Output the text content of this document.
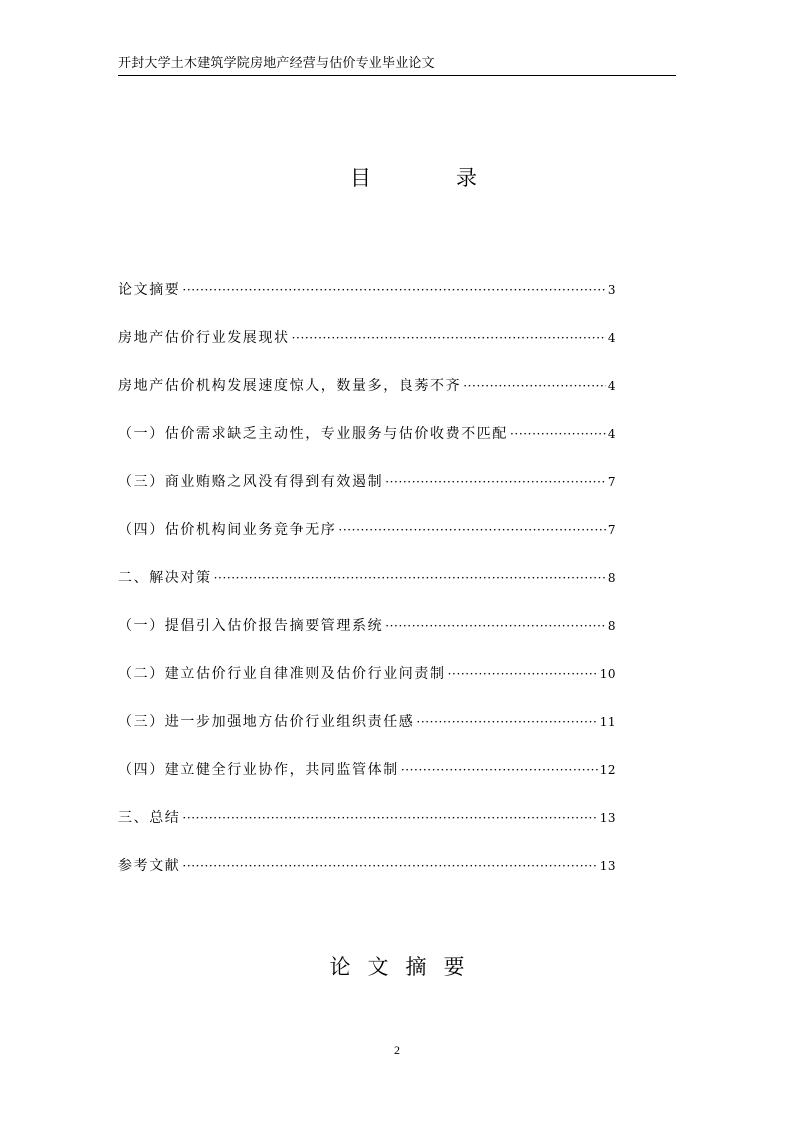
开封大学土木建筑学院房地产经营与估价专业毕业论文
目	录
论文摘要 ·····	3
房地产估价行业发展现状 ·····	4
房地产估价机构发展速度惊人，数量多，良莠不齐 ·····	4
（一）估价需求缺乏主动性，专业服务与估价收费不匹配 ·····	4
（三）商业贿赂之风没有得到有效遏制 ·····	7
（四）估价机构间业务竞争无序 ·····	7
二、解决对策 ·····	8
（一）提倡引入估价报告摘要管理系统 ·····	8
（二）建立估价行业自律准则及估价行业问责制 ·····	10
（三）进一步加强地方估价行业组织责任感 ·····	11
（四）建立健全行业协作，共同监管体制 ·····	12
三、总结 ·····	13
参考文献 ·····	13
论文摘要
2
